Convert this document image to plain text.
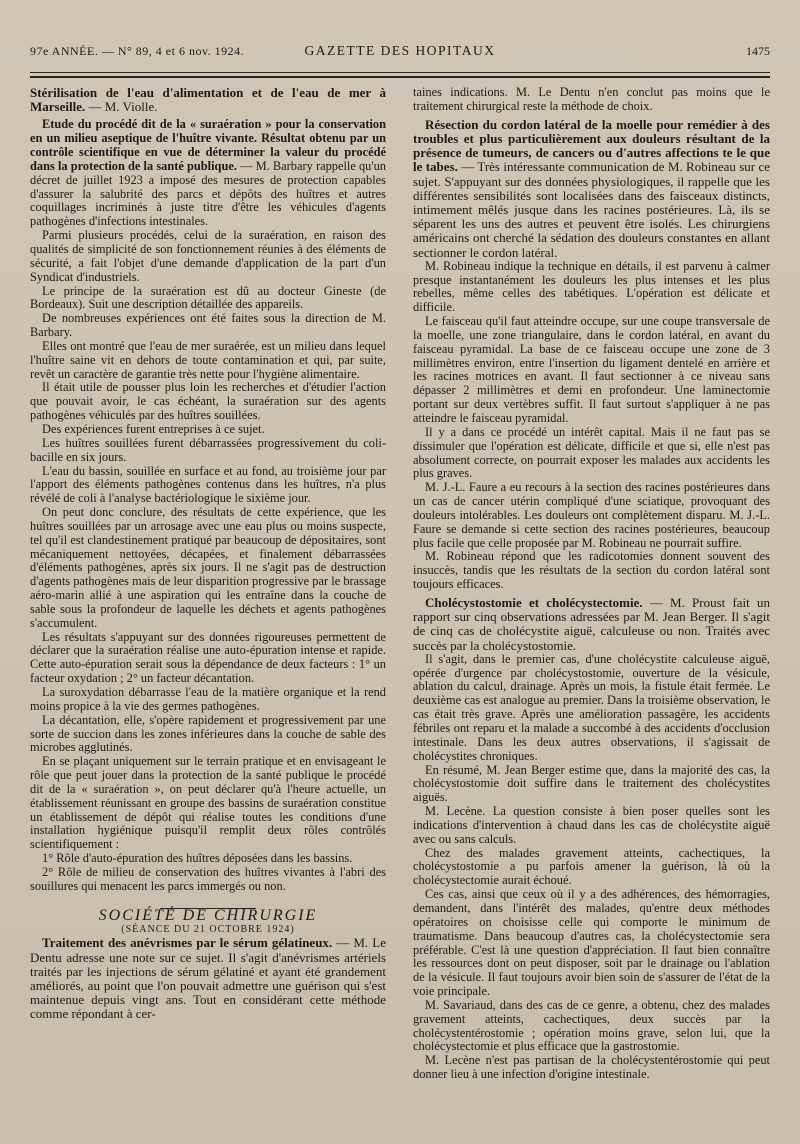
97e ANNÉE. — N° 89, 4 et 6 nov. 1924.	GAZETTE DES HOPITAUX	1475

Stérilisation de l'eau d'alimentation et de l'eau de mer à Marseille. — M. Violle.

Etude du procédé dit de la « suraération » pour la conservation en un milieu aseptique de l'huître vivante. Résultat obtenu par un contrôle scientifique en vue de déterminer la valeur du procédé dans la protection de la santé publique. — M. Barbary rappelle qu'un décret de juillet 1923 a imposé des mesures de protection capables d'assurer la salubrité des parcs et dépôts des huîtres et autres coquillages incriminés à juste titre d'être les véhicules d'agents pathogènes d'infections intestinales.

Parmi plusieurs procédés, celui de la suraération, en raison des qualités de simplicité de son fonctionnement réunies à des éléments de sécurité, a fait l'objet d'une demande d'application de la part d'un Syndicat d'industriels.

Le principe de la suraération est dû au docteur Gineste (de Bordeaux). Suit une description détaillée des appareils.

De nombreuses expériences ont été faites sous la direction de M. Barbary.

Elles ont montré que l'eau de mer suraérée, est un milieu dans lequel l'huître saine vit en dehors de toute contamination et qui, par suite, revêt un caractère de garantie très nette pour l'hygiène alimentaire.

Il était utile de pousser plus loin les recherches et d'étudier l'action que pouvait avoir, le cas échéant, la suraération sur des agents pathogènes véhiculés par des huîtres souillées.

Des expériences furent entreprises à ce sujet.

Les huîtres souillées furent débarrassées progressivement du coli-bacille en six jours.

L'eau du bassin, souillée en surface et au fond, au troisième jour par l'apport des éléments pathogènes contenus dans les huîtres, n'a plus révélé de coli à l'analyse bactériologique le sixième jour.

On peut donc conclure, des résultats de cette expérience, que les huîtres souillées par un arrosage avec une eau plus ou moins suspecte, tel qu'il est clandestinement pratiqué par beaucoup de dépositaires, sont mécaniquement nettoyées, décapées, et finalement débarrassées d'éléments pathogènes, après six jours. Il ne s'agit pas de destruction d'agents pathogènes mais de leur disparition progressive par le brassage aéro-marin allié à une aspiration qui les entraîne dans la couche de sable sous la profondeur de laquelle les déchets et agents pathogènes s'accumulent.

Les résultats s'appuyant sur des données rigoureuses permettent de déclarer que la suraération réalise une auto-épuration intense et rapide. Cette auto-épuration serait sous la dépendance de deux facteurs : 1° un facteur oxydation ; 2° un facteur décantation.

La suroxydation débarrasse l'eau de la matière organique et la rend moins propice à la vie des germes pathogènes.

La décantation, elle, s'opère rapidement et progressivement par une sorte de succion dans les zones inférieures dans la couche de sable des microbes agglutinés.

En se plaçant uniquement sur le terrain pratique et en envisageant le rôle que peut jouer dans la protection de la santé publique le procédé dit de la « suraération », on peut déclarer qu'à l'heure actuelle, un établissement réunissant en groupe des bassins de suraération constitue un établissement de dépôt qui réalise toutes les conditions d'une installation hygiénique puisqu'il remplit deux rôles contrôlés scientifiquement :

1° Rôle d'auto-épuration des huîtres déposées dans les bassins.

2° Rôle de milieu de conservation des huîtres vivantes à l'abri des souillures qui menacent les parcs immergés ou non.

SOCIÉTÉ DE CHIRURGIE

(SÉANCE DU 21 OCTOBRE 1924)

Traitement des anévrismes par le sérum gélatineux. — M. Le Dentu adresse une note sur ce sujet. Il s'agit d'anévrismes artériels traités par les injections de sérum gélatiné et ayant été grandement améliorés, au point que l'on pouvait admettre une guérison qui s'est maintenue depuis vingt ans. Tout en considérant cette méthode comme répondant à cer-

taines indications. M. Le Dentu n'en conclut pas moins que le traitement chirurgical reste la méthode de choix.

Résection du cordon latéral de la moelle pour remédier à des troubles et plus particulièrement aux douleurs résultant de la présence de tumeurs, de cancers ou d'autres affections te le que le tabes. — Très intéressante communication de M. Robineau sur ce sujet. S'appuyant sur des données physiologiques, il rappelle que les différentes sensibilités sont localisées dans des faisceaux distincts, intimement mêlés jusque dans les racines postérieures. Là, ils se séparent les uns des autres et peuvent être isolés. Les chirurgiens américains ont cherché la sédation des douleurs constantes en allant sectionner le cordon latéral.

M. Robineau indique la technique en détails, il est parvenu à calmer presque instantanément les douleurs les plus intenses et les plus rebelles, même celles des tabétiques. L'opération est délicate et difficile.

Le faisceau qu'il faut atteindre occupe, sur une coupe transversale de la moelle, une zone triangulaire, dans le cordon latéral, en avant du faisceau pyramidal. La base de ce faisceau occupe une zone de 3 millimètres environ, entre l'insertion du ligament dentelé en arrière et les racines motrices en avant. Il faut sectionner à ce niveau sans dépasser 2 millimètres et demi en profondeur. Une laminectomie portant sur deux vertèbres suffit. Il faut surtout s'appliquer à ne pas atteindre le faisceau pyramidal.

Il y a dans ce procédé un intérêt capital. Mais il ne faut pas se dissimuler que l'opération est délicate, difficile et que si, elle n'est pas absolument correcte, on pourrait exposer les malades aux accidents les plus graves.

M. J.-L. Faure a eu recours à la section des racines postérieures dans un cas de cancer utérin compliqué d'une sciatique, provoquant des douleurs intolérables. Les douleurs ont complètement disparu. M. J.-L. Faure se demande si cette section des racines postérieures, beaucoup plus facile que celle proposée par M. Robineau ne pourrait suffire.

M. Robineau répond que les radicotomies donnent souvent des insuccès, tandis que les résultats de la section du cordon latéral sont toujours efficaces.

Cholécystostomie et cholécystectomie. — M. Proust fait un rapport sur cinq observations adressées par M. Jean Berger. Il s'agit de cinq cas de cholécystite aiguë, calculeuse ou non. Traités avec succès par la cholécystostomie.

Il s'agit, dans le premier cas, d'une cholécystite calculeuse aiguë, opérée d'urgence par cholécystostomie, ouverture de la vésicule, ablation du calcul, drainage. Après un mois, la fistule était fermée. Le deuxième cas est analogue au premier. Dans la troisième observation, le cas était très grave. Après une amélioration passagère, les accidents fébriles ont reparu et la malade a succombé à des accidents d'occlusion intestinale. Dans les deux autres observations, il s'agissait de cholécystites chroniques.

En résumé, M. Jean Berger estime que, dans la majorité des cas, la cholécystostomie doit suffire dans le traitement des cholécystites aiguës.

M. Lecène. La question consiste à bien poser quelles sont les indications d'intervention à chaud dans les cas de cholécystite aiguë avec ou sans calculs.

Chez des malades gravement atteints, cachectiques, la cholécystostomie a pu parfois amener la guérison, là où la cholécystectomie aurait échoué.

Ces cas, ainsi que ceux où il y a des adhérences, des hémorragies, demandent, dans l'intérêt des malades, qu'entre deux méthodes opératoires on choisisse celle qui comporte le minimum de traumatisme. Dans beaucoup d'autres cas, la cholécystectomie sera préférable. C'est là une question d'appréciation. Il faut bien connaître les ressources dont on peut disposer, soit par le drainage ou l'ablation de la vésicule. Il faut toujours avoir bien soin de s'assurer de l'état de la voie principale.

M. Savariaud, dans des cas de ce genre, a obtenu, chez des malades gravement atteints, cachectiques, deux succès par la cholécystentérostomie ; opération moins grave, selon lui, que la cholécystectomie et plus efficace que la gastrostomie.

M. Lecène n'est pas partisan de la cholécystentérostomie qui peut donner lieu à une infection d'origine intestinale.
